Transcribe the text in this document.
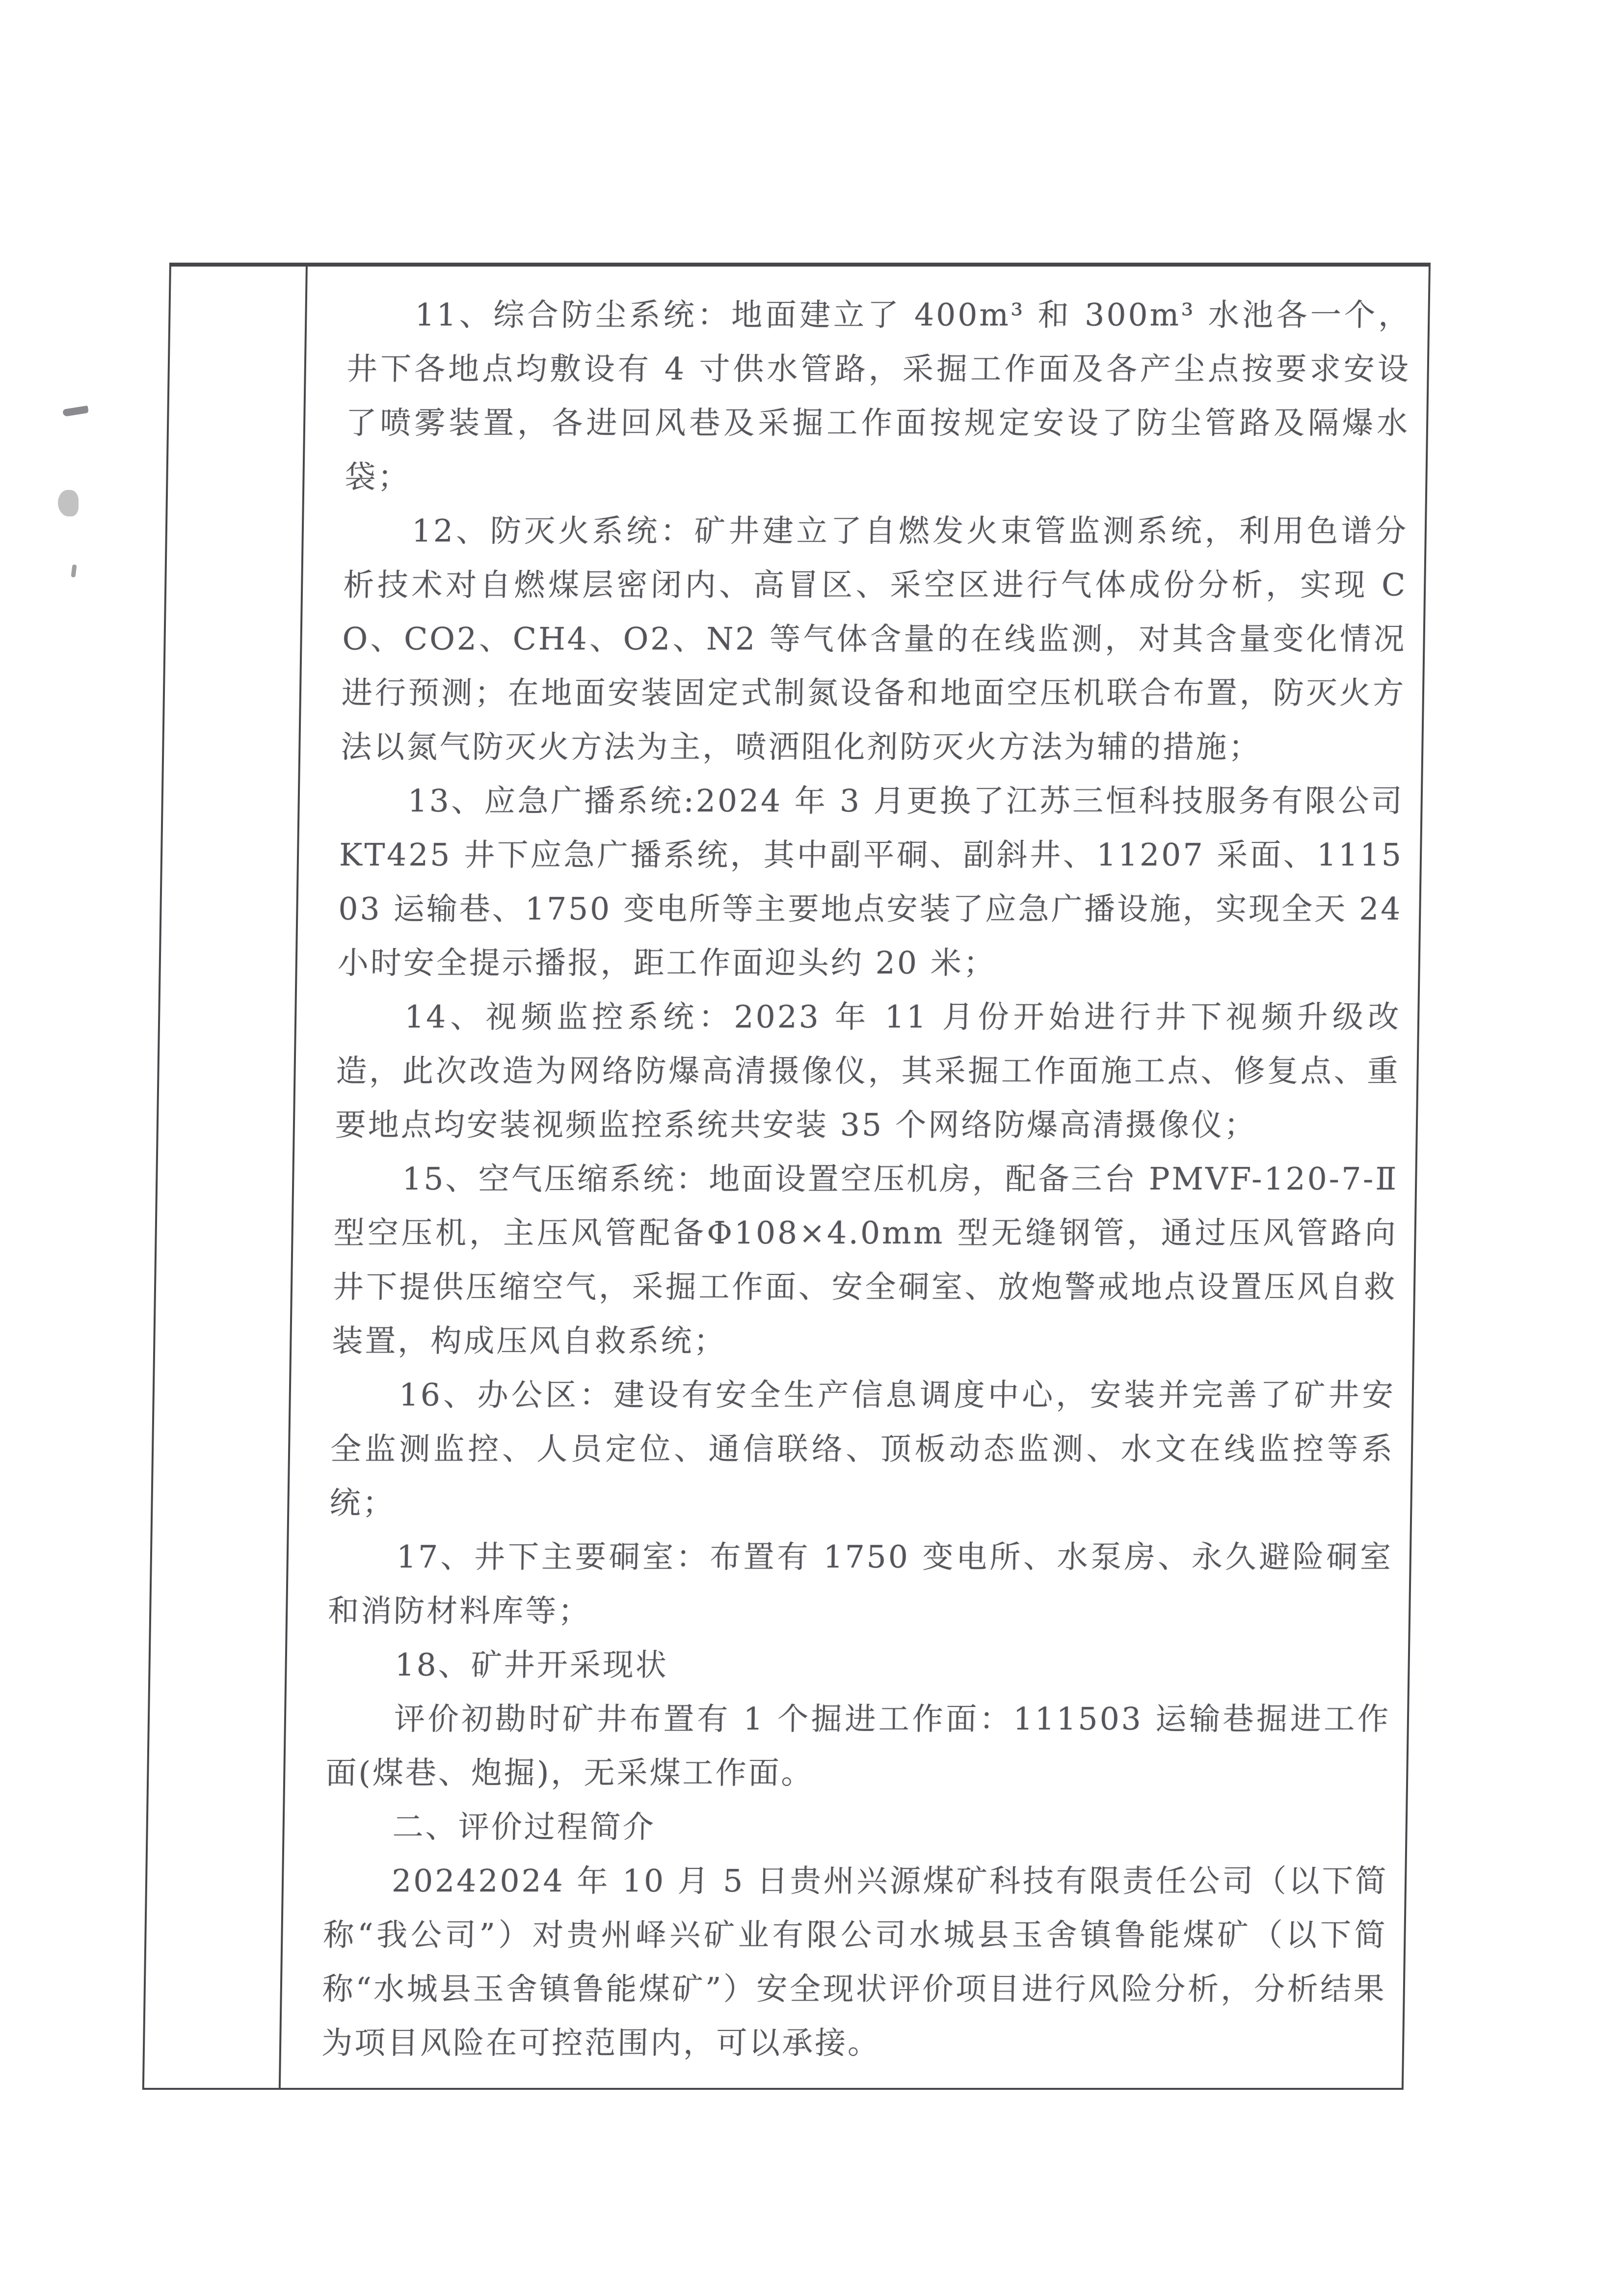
11、综合防尘系统：地面建立了 400m³ 和 300m³ 水池各一个，井下各地点均敷设有 4 寸供水管路，采掘工作面及各产尘点按要求安设了喷雾装置，各进回风巷及采掘工作面按规定安设了防尘管路及隔爆水袋；

12、防灭火系统：矿井建立了自燃发火束管监测系统，利用色谱分析技术对自燃煤层密闭内、高冒区、采空区进行气体成份分析，实现 CO、CO2、CH4、O2、N2 等气体含量的在线监测，对其含量变化情况进行预测；在地面安装固定式制氮设备和地面空压机联合布置，防灭火方法以氮气防灭火方法为主，喷洒阻化剂防灭火方法为辅的措施；

13、应急广播系统:2024 年 3 月更换了江苏三恒科技服务有限公司 KT425 井下应急广播系统，其中副平硐、副斜井、11207 采面、111503 运输巷、1750 变电所等主要地点安装了应急广播设施，实现全天 24 小时安全提示播报，距工作面迎头约 20 米；

14、视频监控系统：2023 年 11 月份开始进行井下视频升级改造，此次改造为网络防爆高清摄像仪，其采掘工作面施工点、修复点、重要地点均安装视频监控系统共安装 35 个网络防爆高清摄像仪；

15、空气压缩系统：地面设置空压机房，配备三台 PMVF-120-7-Ⅱ型空压机，主压风管配备Φ108×4.0mm 型无缝钢管，通过压风管路向井下提供压缩空气，采掘工作面、安全硐室、放炮警戒地点设置压风自救装置，构成压风自救系统；

16、办公区：建设有安全生产信息调度中心，安装并完善了矿井安全监测监控、人员定位、通信联络、顶板动态监测、水文在线监控等系统；

17、井下主要硐室：布置有 1750 变电所、水泵房、永久避险硐室和消防材料库等；

18、矿井开采现状

评价初勘时矿井布置有 1 个掘进工作面：111503 运输巷掘进工作面(煤巷、炮掘)，无采煤工作面。

二、评价过程简介

20242024 年 10 月 5 日贵州兴源煤矿科技有限责任公司（以下简称“我公司”）对贵州峄兴矿业有限公司水城县玉舍镇鲁能煤矿（以下简称“水城县玉舍镇鲁能煤矿”）安全现状评价项目进行风险分析，分析结果为项目风险在可控范围内，可以承接。
